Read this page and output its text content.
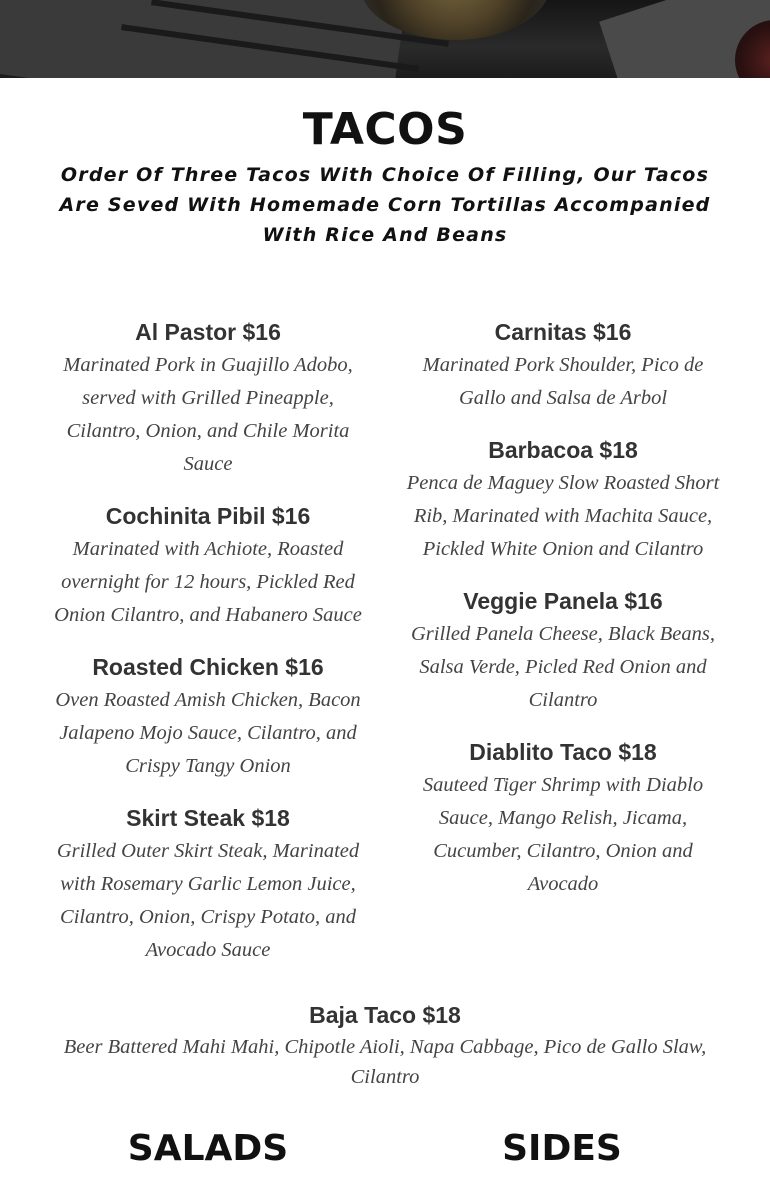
TACOS

Order Of Three Tacos With Choice Of Filling, Our Tacos Are Seved With Homemade Corn Tortillas Accompanied With Rice And Beans

Al Pastor $16

Marinated Pork in Guajillo Adobo, served with Grilled Pineapple, Cilantro, Onion, and Chile Morita Sauce

Cochinita Pibil $16

Marinated with Achiote, Roasted overnight for 12 hours, Pickled Red Onion Cilantro, and Habanero Sauce

Roasted Chicken $16

Oven Roasted Amish Chicken, Bacon Jalapeno Mojo Sauce, Cilantro, and Crispy Tangy Onion

Skirt Steak $18

Grilled Outer Skirt Steak, Marinated with Rosemary Garlic Lemon Juice, Cilantro, Onion, Crispy Potato, and Avocado Sauce

Carnitas $16

Marinated Pork Shoulder, Pico de Gallo and Salsa de Arbol

Barbacoa $18

Penca de Maguey Slow Roasted Short Rib, Marinated with Machita Sauce, Pickled White Onion and Cilantro

Veggie Panela $16

Grilled Panela Cheese, Black Beans, Salsa Verde, Picled Red Onion and Cilantro

Diablito Taco $18

Sauteed Tiger Shrimp with Diablo Sauce, Mango Relish, Jicama, Cucumber, Cilantro, Onion and Avocado

Baja Taco $18

Beer Battered Mahi Mahi, Chipotle Aioli, Napa Cabbage, Pico de Gallo Slaw, Cilantro

SALADS	SIDES
